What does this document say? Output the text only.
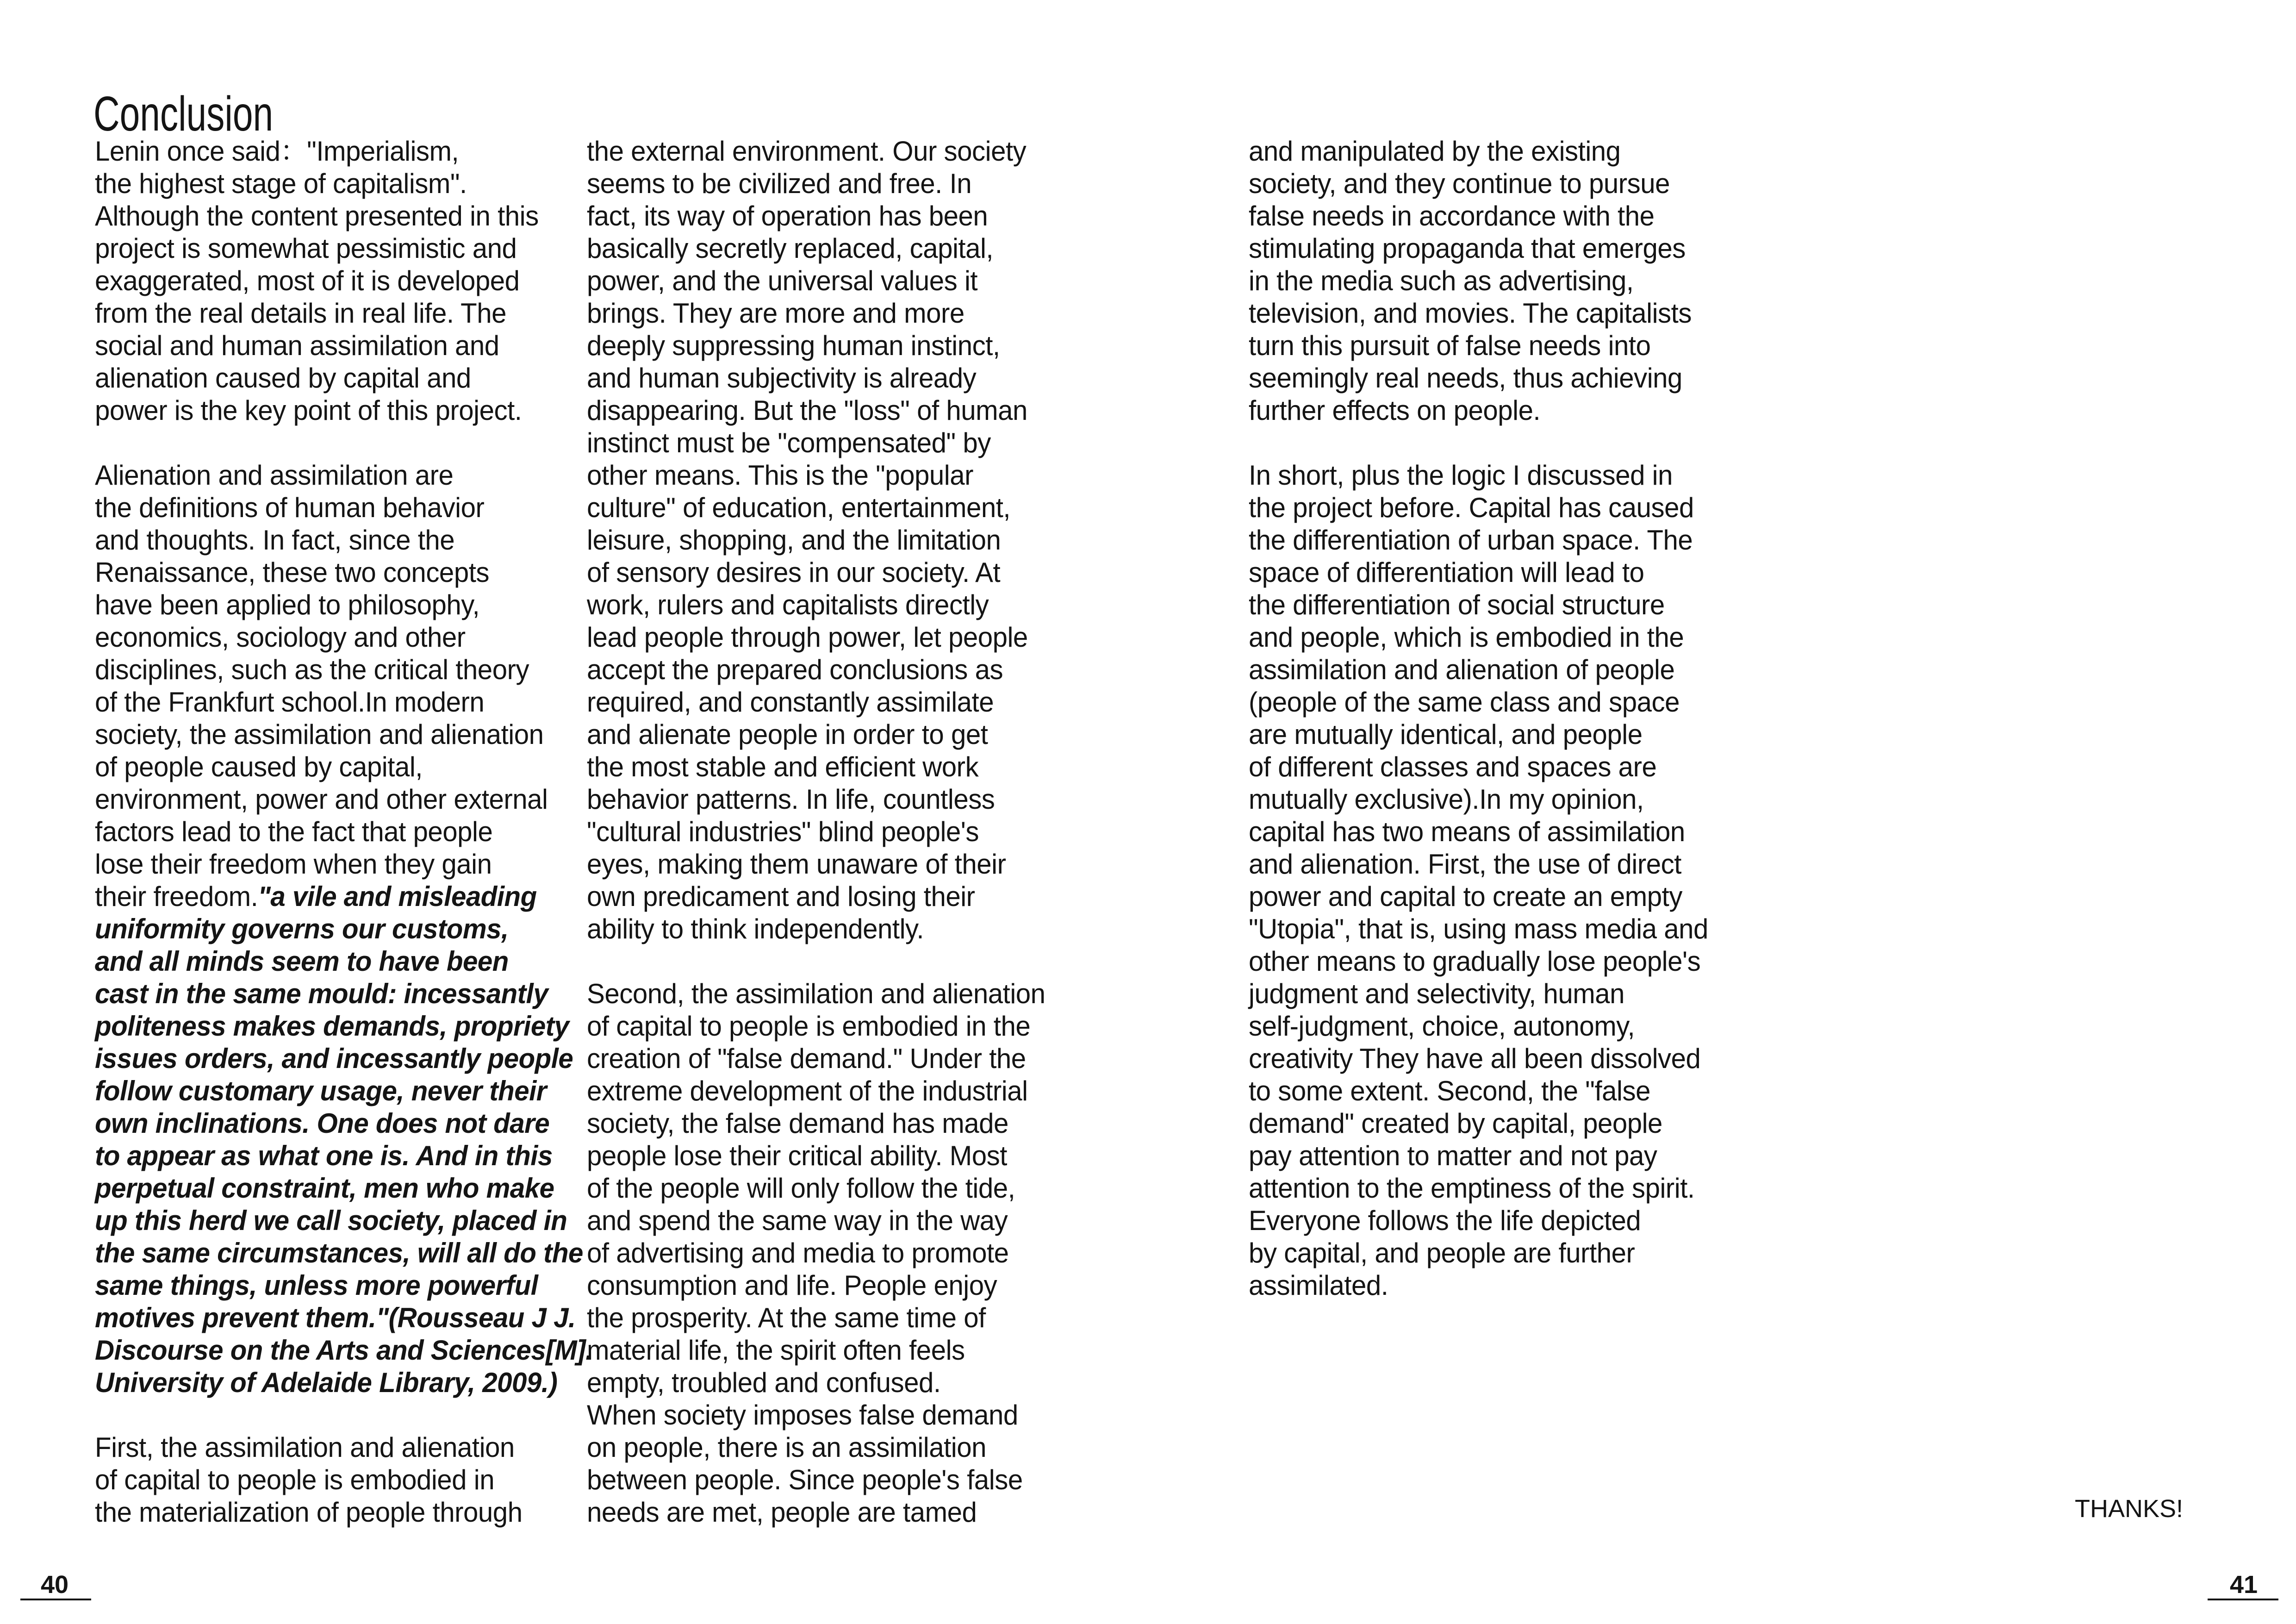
Conclusion
Lenin once said："Imperialism,
the highest stage of capitalism".
Although the content presented in this
project is somewhat pessimistic and
exaggerated, most of it is developed
from the real details in real life. The
social and human assimilation and
alienation caused by capital and
power is the key point of this project.
Alienation and assimilation are
the definitions of human behavior
and thoughts. In fact, since the
Renaissance, these two concepts
have been applied to philosophy,
economics, sociology and other
disciplines, such as the critical theory
of the Frankfurt school.In modern
society, the assimilation and alienation
of people caused by capital,
environment, power and other external
factors lead to the fact that people
lose their freedom when they gain
their freedom."a vile and misleading
uniformity governs our customs,
and all minds seem to have been
cast in the same mould: incessantly
politeness makes demands, propriety
issues orders, and incessantly people
follow customary usage, never their
own inclinations. One does not dare
to appear as what one is. And in this
perpetual constraint, men who make
up this herd we call society, placed in
the same circumstances, will all do the
same things, unless more powerful
motives prevent them."(Rousseau J J.
Discourse on the Arts and Sciences[M].
University of Adelaide Library, 2009.)
First, the assimilation and alienation
of capital to people is embodied in
the materialization of people through
the external environment. Our society
seems to be civilized and free. In
fact, its way of operation has been
basically secretly replaced, capital,
power, and the universal values it
brings. They are more and more
deeply suppressing human instinct,
and human subjectivity is already
disappearing. But the "loss" of human
instinct must be "compensated" by
other means. This is the "popular
culture" of education, entertainment,
leisure, shopping, and the limitation
of sensory desires in our society. At
work, rulers and capitalists directly
lead people through power, let people
accept the prepared conclusions as
required, and constantly assimilate
and alienate people in order to get
the most stable and efficient work
behavior patterns. In life, countless
"cultural industries" blind people's
eyes, making them unaware of their
own predicament and losing their
ability to think independently.
Second, the assimilation and alienation
of capital to people is embodied in the
creation of "false demand." Under the
extreme development of the industrial
society, the false demand has made
people lose their critical ability. Most
of the people will only follow the tide,
and spend the same way in the way
of advertising and media to promote
consumption and life. People enjoy
the prosperity. At the same time of
material life, the spirit often feels
empty, troubled and confused.
When society imposes false demand
on people, there is an assimilation
between people. Since people's false
needs are met, people are tamed
and manipulated by the existing
society, and they continue to pursue
false needs in accordance with the
stimulating propaganda that emerges
in the media such as advertising,
television, and movies. The capitalists
turn this pursuit of false needs into
seemingly real needs, thus achieving
further effects on people.
In short, plus the logic I discussed in
the project before. Capital has caused
the differentiation of urban space. The
space of differentiation will lead to
the differentiation of social structure
and people, which is embodied in the
assimilation and alienation of people
(people of the same class and space
are mutually identical, and people
of different classes and spaces are
mutually exclusive).In my opinion,
capital has two means of assimilation
and alienation. First, the use of direct
power and capital to create an empty
"Utopia", that is, using mass media and
other means to gradually lose people's
judgment and selectivity, human
self-judgment, choice, autonomy,
creativity They have all been dissolved
to some extent. Second, the "false
demand" created by capital, people
pay attention to matter and not pay
attention to the emptiness of the spirit.
Everyone follows the life depicted
by capital, and people are further
assimilated.
THANKS!
40	41
